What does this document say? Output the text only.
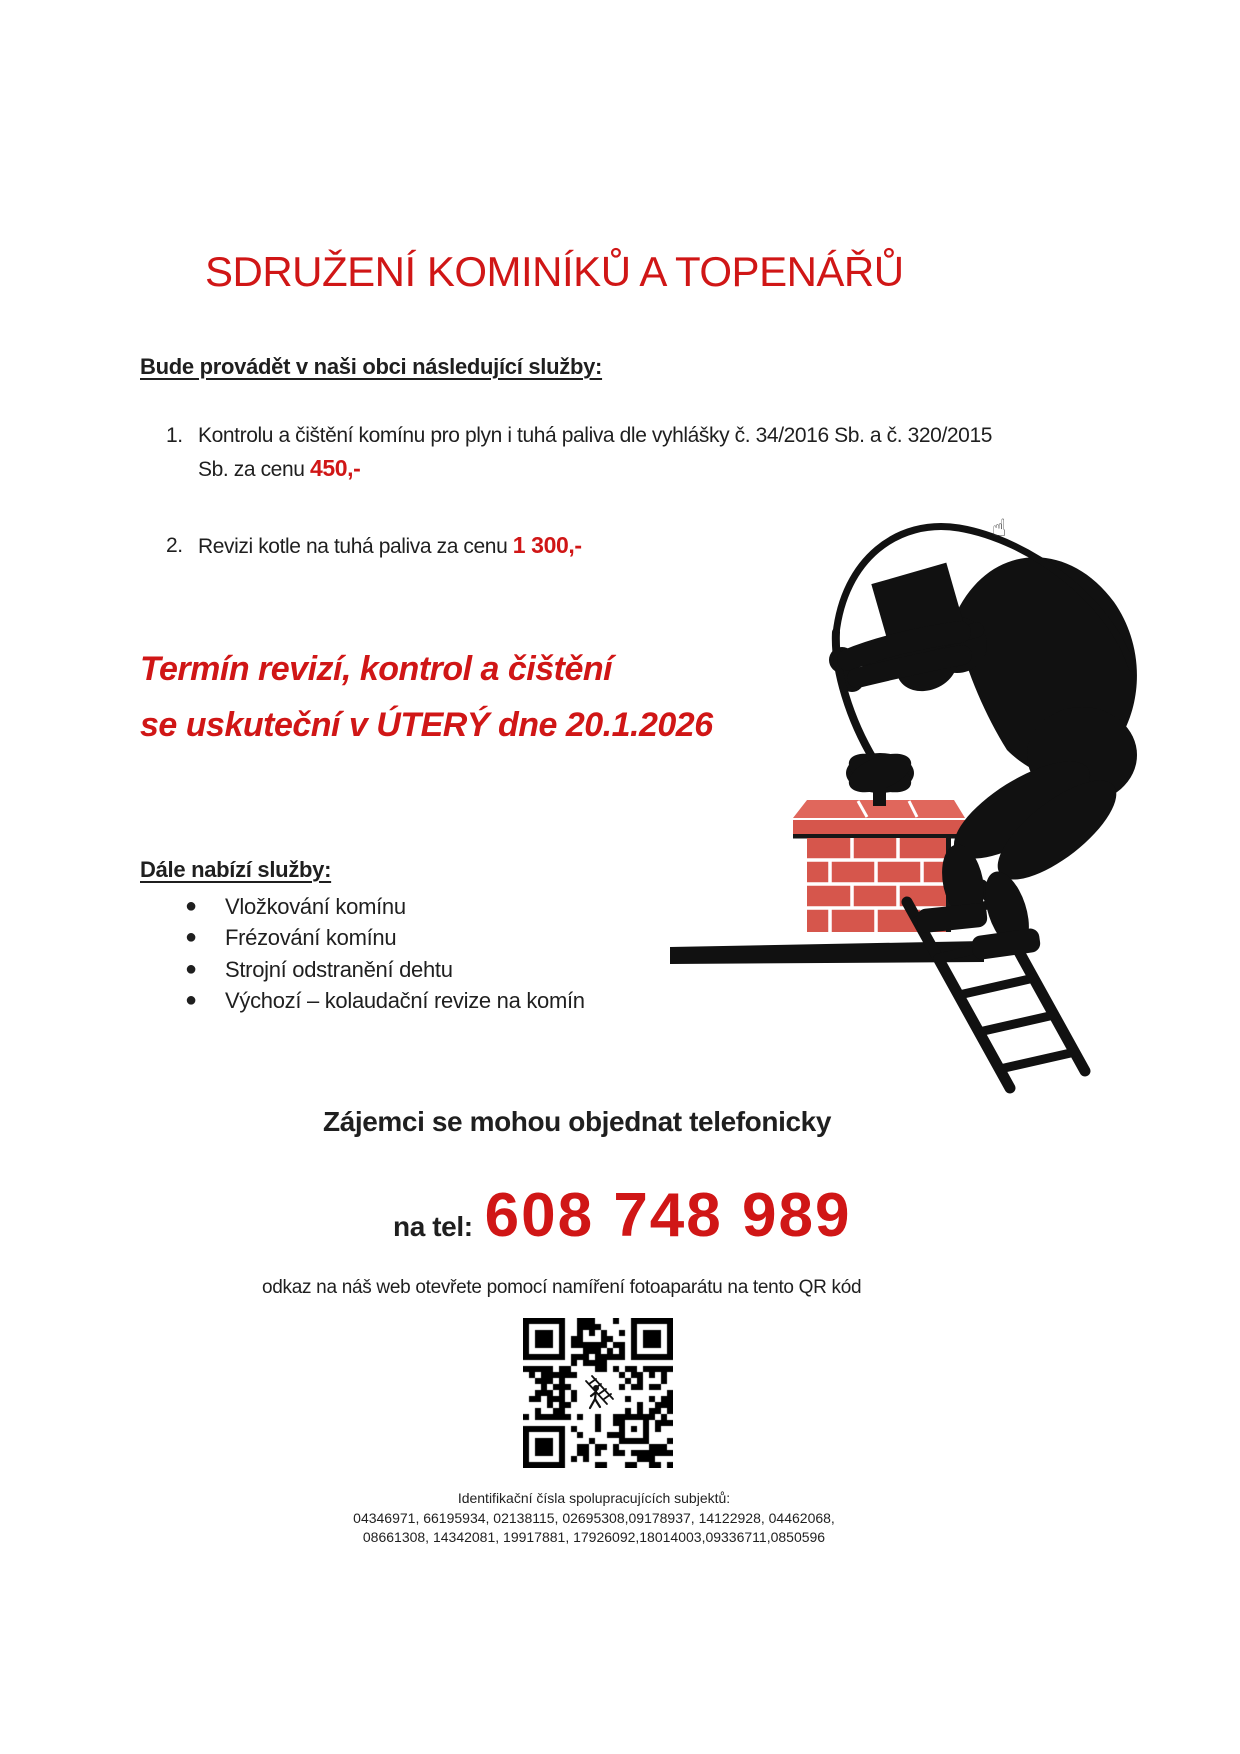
SDRUŽENÍ KOMINÍKŮ A TOPENÁŘŮ
Bude provádět v naši obci následující služby:
1. Kontrolu a čištění komínu pro plyn i tuhá paliva dle vyhlášky č. 34/2016 Sb. a č. 320/2015 Sb. za cenu 450,-
2. Revizi kotle na tuhá paliva za cenu 1 300,-
Termín revizí, kontrol a čištění
se uskuteční v ÚTERÝ dne 20.1.2026
Dále nabízí služby:
●	Vložkování komínu
●	Frézování komínu
●	Strojní odstranění dehtu
●	Výchozí – kolaudační revize na komín
Zájemci se mohou objednat telefonicky
na tel: 608 748 989
odkaz na náš web otevřete pomocí namíření fotoaparátu na tento QR kód
Identifikační čísla spolupracujících subjektů:
04346971, 66195934, 02138115, 02695308,09178937, 14122928, 04462068,
08661308, 14342081, 19917881, 17926092,18014003,09336711,0850596
☝
